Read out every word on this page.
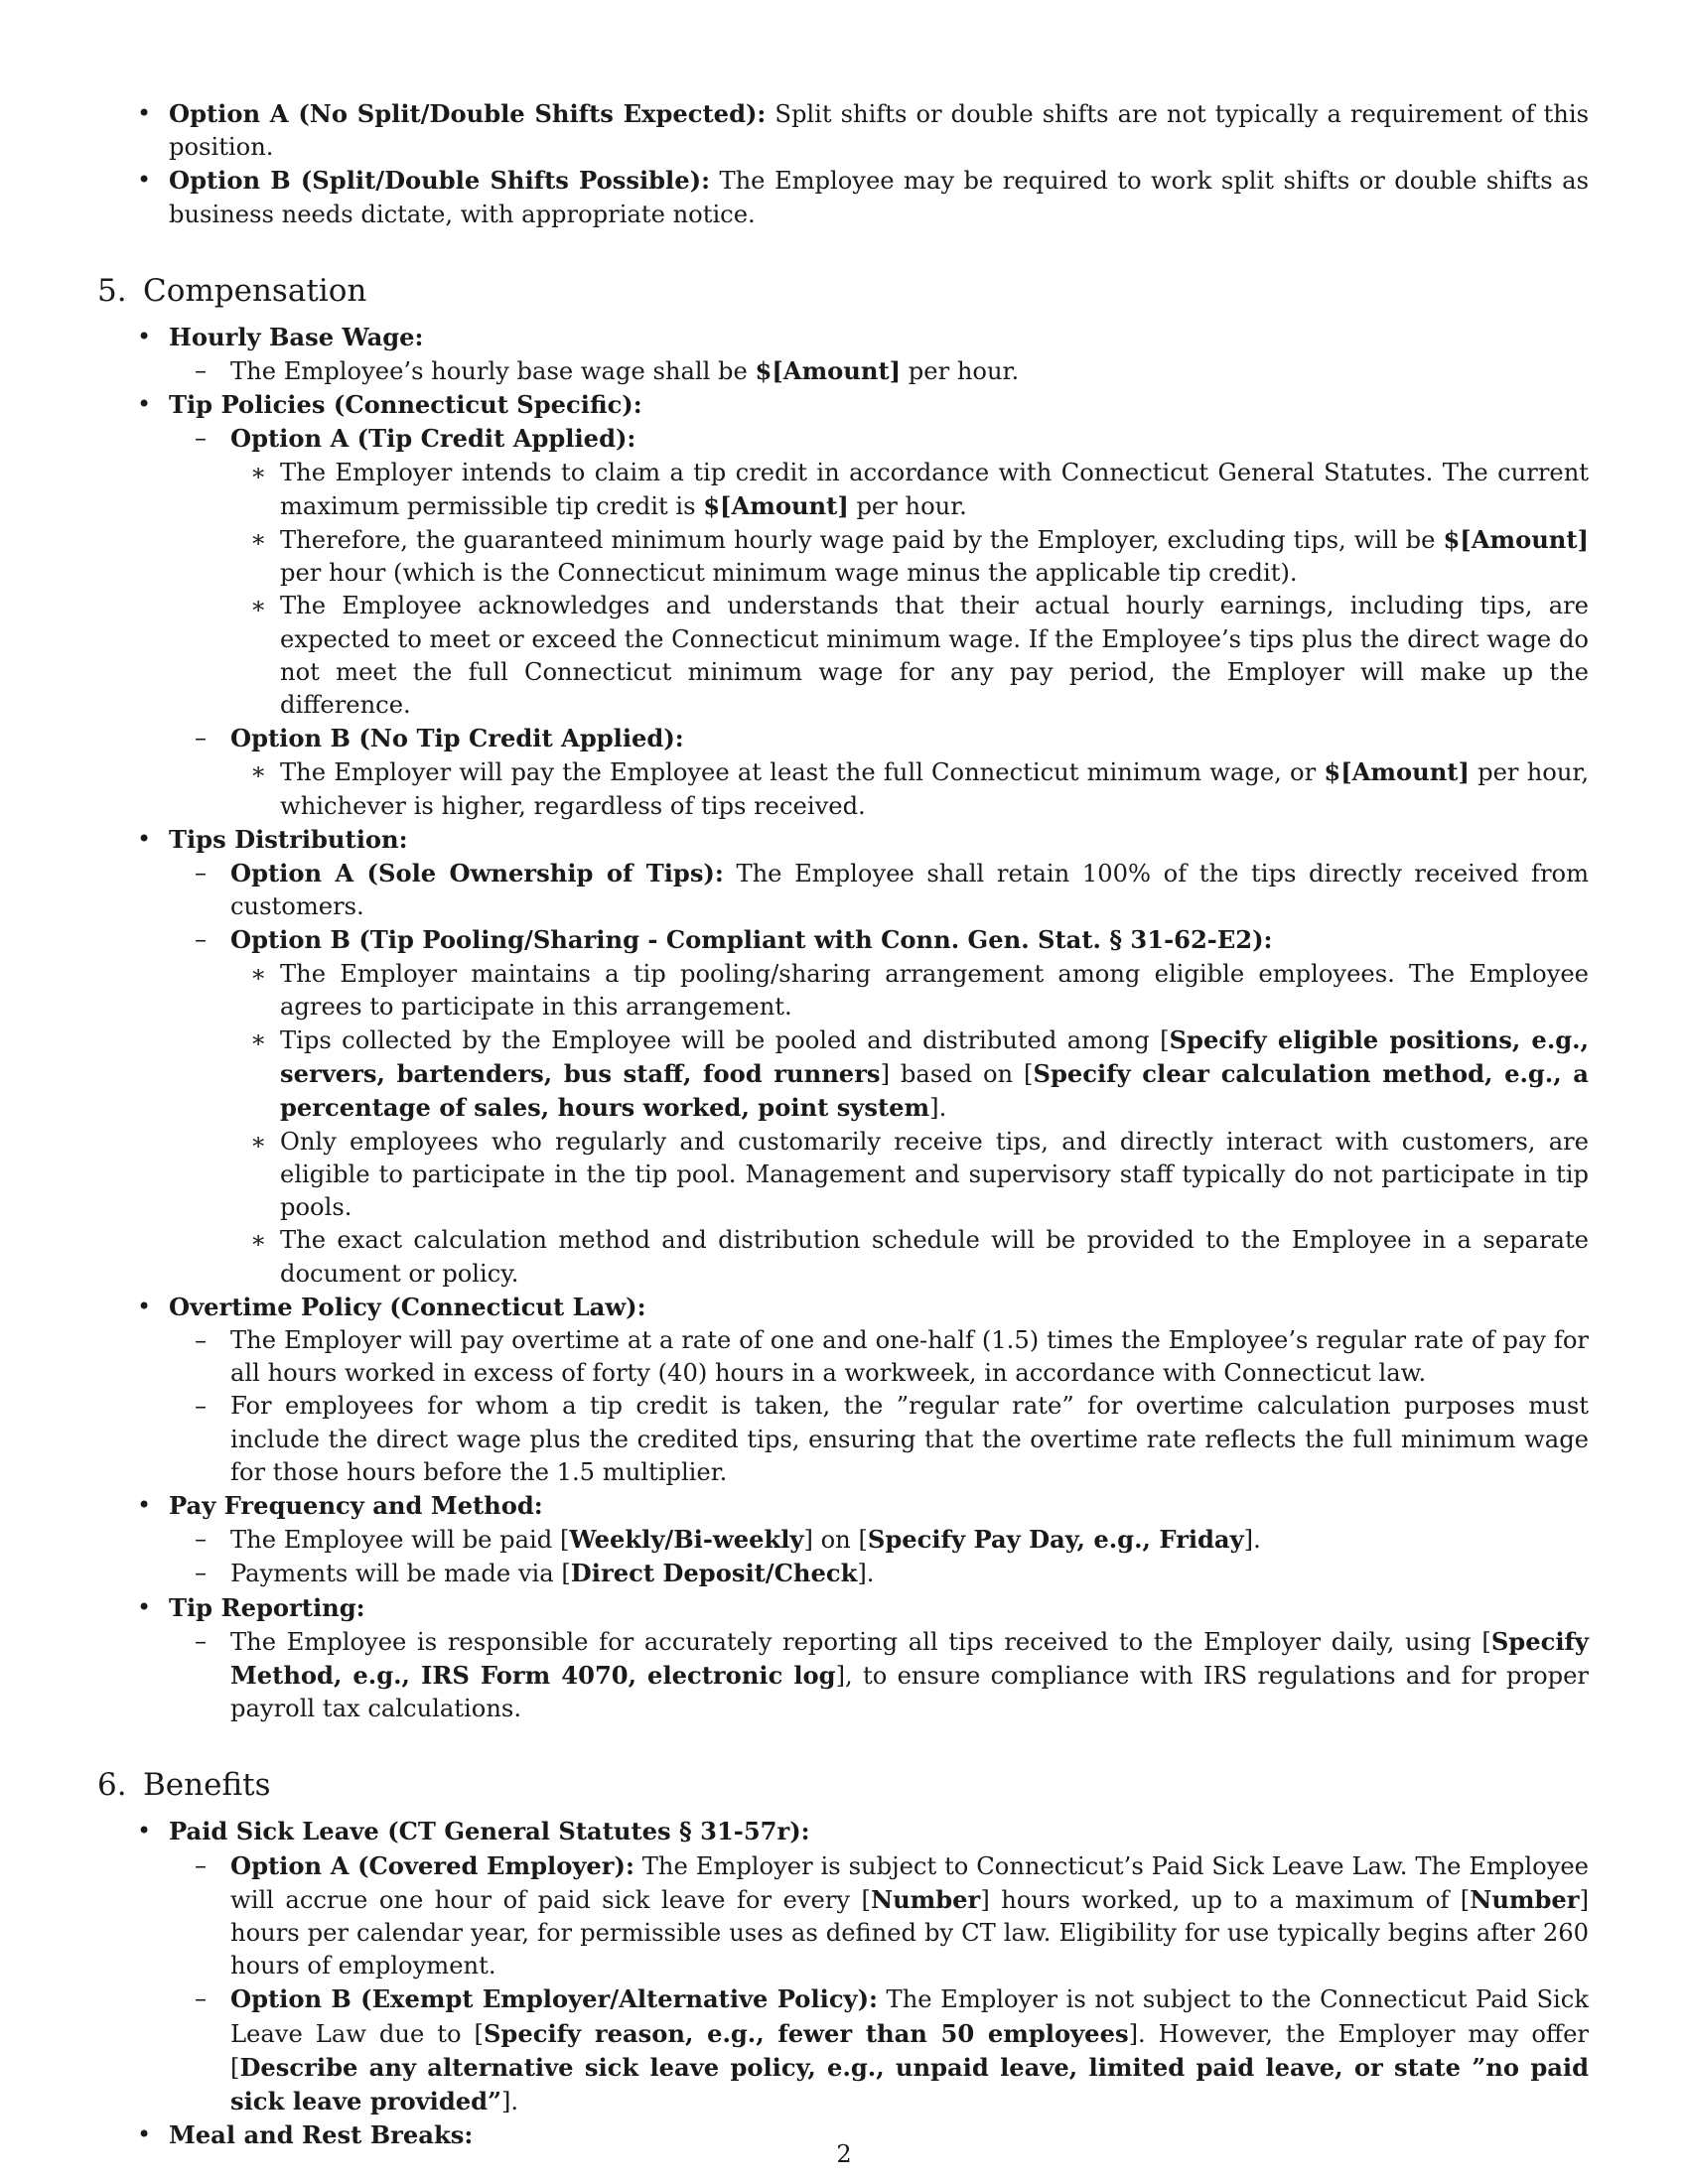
• Option A (No Split/Double Shifts Expected): Split shifts or double shifts are not typically a requirement of this position.
• Option B (Split/Double Shifts Possible): The Employee may be required to work split shifts or double shifts as business needs dictate, with appropriate notice.
5. Compensation
• Hourly Base Wage:
– The Employee’s hourly base wage shall be $[Amount] per hour.
• Tip Policies (Connecticut Specific):
– Option A (Tip Credit Applied):
∗ The Employer intends to claim a tip credit in accordance with Connecticut General Statutes. The current maximum permissible tip credit is $[Amount] per hour.
∗ Therefore, the guaranteed minimum hourly wage paid by the Employer, excluding tips, will be $[Amount] per hour (which is the Connecticut minimum wage minus the applicable tip credit).
∗ The Employee acknowledges and understands that their actual hourly earnings, including tips, are expected to meet or exceed the Connecticut minimum wage. If the Employee’s tips plus the direct wage do not meet the full Connecticut minimum wage for any pay period, the Employer will make up the difference.
– Option B (No Tip Credit Applied):
∗ The Employer will pay the Employee at least the full Connecticut minimum wage, or $[Amount] per hour, whichever is higher, regardless of tips received.
• Tips Distribution:
– Option A (Sole Ownership of Tips): The Employee shall retain 100% of the tips directly received from customers.
– Option B (Tip Pooling/Sharing - Compliant with Conn. Gen. Stat. § 31-62-E2):
∗ The Employer maintains a tip pooling/sharing arrangement among eligible employees. The Employee agrees to participate in this arrangement.
∗ Tips collected by the Employee will be pooled and distributed among [Specify eligible positions, e.g., servers, bartenders, bus staff, food runners] based on [Specify clear calculation method, e.g., a percentage of sales, hours worked, point system].
∗ Only employees who regularly and customarily receive tips, and directly interact with customers, are eligible to participate in the tip pool. Management and supervisory staff typically do not participate in tip pools.
∗ The exact calculation method and distribution schedule will be provided to the Employee in a separate document or policy.
• Overtime Policy (Connecticut Law):
– The Employer will pay overtime at a rate of one and one-half (1.5) times the Employee’s regular rate of pay for all hours worked in excess of forty (40) hours in a workweek, in accordance with Connecticut law.
– For employees for whom a tip credit is taken, the ”regular rate” for overtime calculation purposes must include the direct wage plus the credited tips, ensuring that the overtime rate reflects the full minimum wage for those hours before the 1.5 multiplier.
• Pay Frequency and Method:
– The Employee will be paid [Weekly/Bi-weekly] on [Specify Pay Day, e.g., Friday].
– Payments will be made via [Direct Deposit/Check].
• Tip Reporting:
– The Employee is responsible for accurately reporting all tips received to the Employer daily, using [Specify Method, e.g., IRS Form 4070, electronic log], to ensure compliance with IRS regulations and for proper payroll tax calculations.
6. Benefits
• Paid Sick Leave (CT General Statutes § 31-57r):
– Option A (Covered Employer): The Employer is subject to Connecticut’s Paid Sick Leave Law. The Employee will accrue one hour of paid sick leave for every [Number] hours worked, up to a maximum of [Number] hours per calendar year, for permissible uses as defined by CT law. Eligibility for use typically begins after 260 hours of employment.
– Option B (Exempt Employer/Alternative Policy): The Employer is not subject to the Connecticut Paid Sick Leave Law due to [Specify reason, e.g., fewer than 50 employees]. However, the Employer may offer [Describe any alternative sick leave policy, e.g., unpaid leave, limited paid leave, or state ”no paid sick leave provided”].
• Meal and Rest Breaks:
2
